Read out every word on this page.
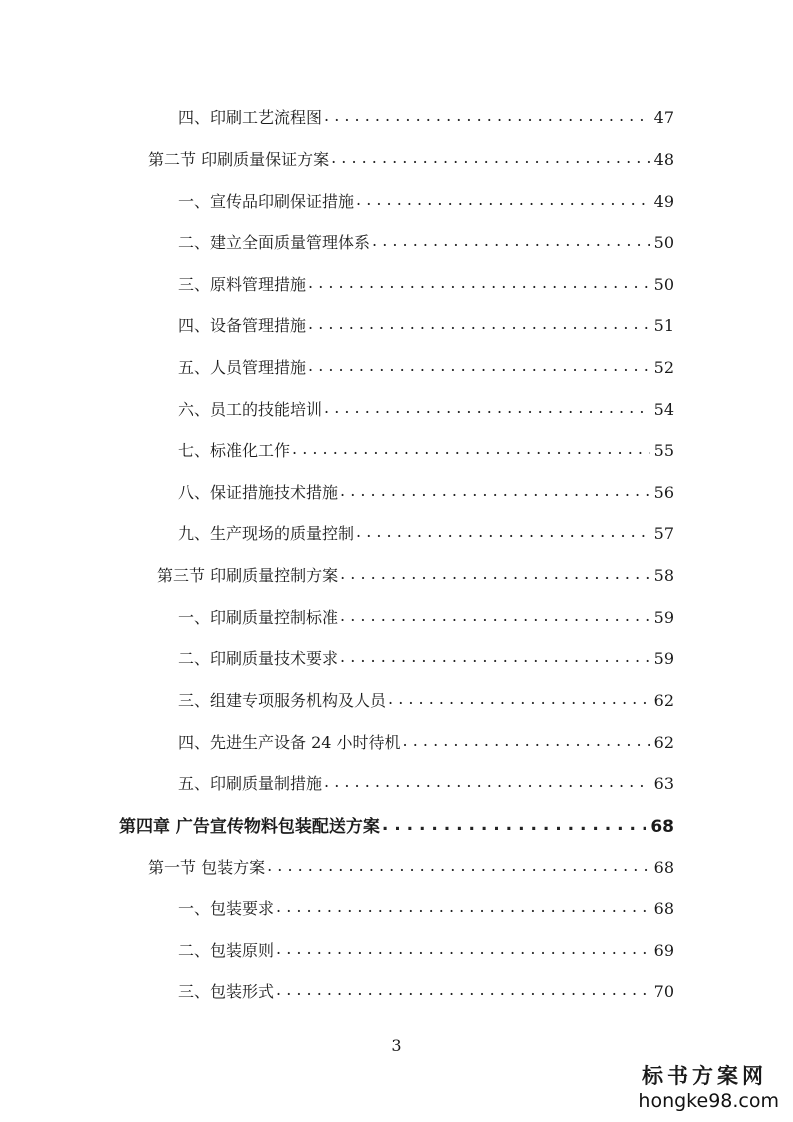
四、印刷工艺流程图 . . .	47
第二节 印刷质量保证方案 . . .	48
一、宣传品印刷保证措施 . . .	49
二、建立全面质量管理体系 . . .	50
三、原料管理措施 . . .	50
四、设备管理措施 . . .	51
五、人员管理措施 . . .	52
六、员工的技能培训 . . .	54
七、标准化工作 . . .	55
八、保证措施技术措施 . . .	56
九、生产现场的质量控制 . . .	57
第三节 印刷质量控制方案 . . .	58
一、印刷质量控制标准 . . .	59
二、印刷质量技术要求 . . .	59
三、组建专项服务机构及人员 . . .	62
四、先进生产设备 24 小时待机 . . .	62
五、印刷质量制措施 . . .	63
第四章 广告宣传物料包装配送方案 . . .	68
第一节 包装方案 . . .	68
一、包装要求 . . .	68
二、包装原则 . . .	69
三、包装形式 . . .	70
3
标书方案网
hongke98.com
